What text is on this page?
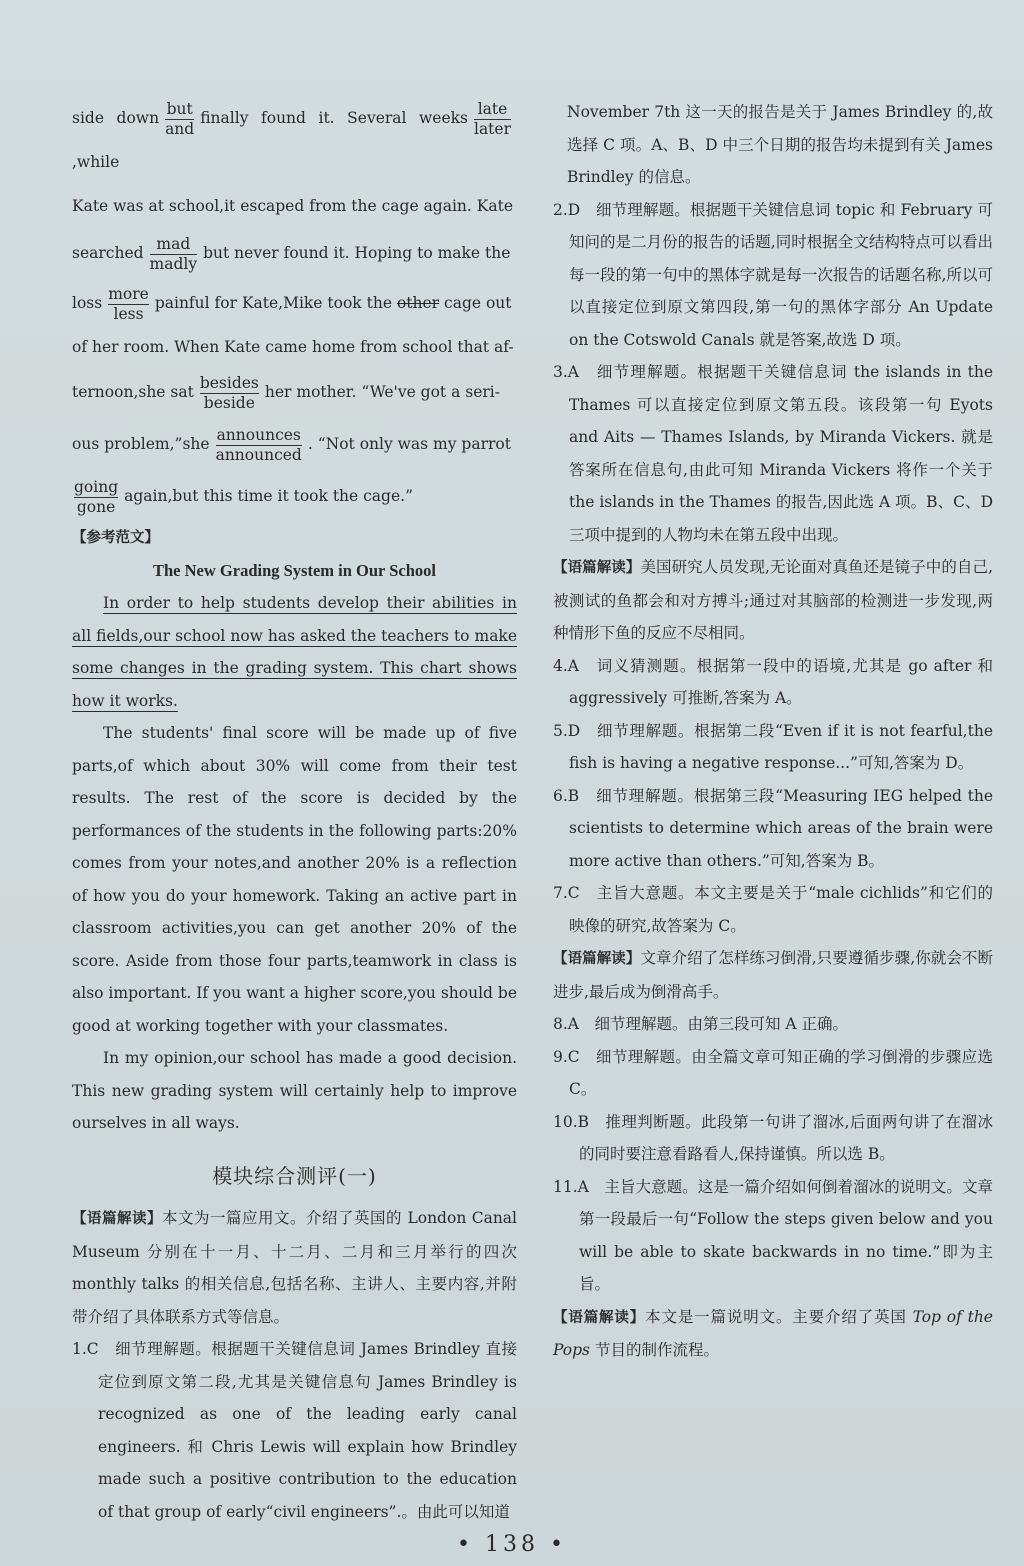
side down $\frac{\text{but}}{\text{and}}$ finally found it. Several weeks $\frac{\text{late}}{\text{later}}$
,while

Kate was at school,it escaped from the cage again. Kate

searched $\frac{\text{mad}}{\text{madly}}$ but never found it. Hoping to make the

loss $\frac{\text{more}}{\text{less}}$ painful for Kate,Mike took the other cage out

of her room. When Kate came home from school that af-

ternoon,she sat $\frac{\text{besides}}{\text{beside}}$ her mother. “We've got a seri-

ous problem,”she $\frac{\text{announces}}{\text{announced}}$ . “Not only was my parrot

$\frac{\text{going}}{\text{gone}}$ again,but this time it took the cage.”

【参考范文】

The New Grading System in Our School

In order to help students develop their abilities in all fields,our school now has asked the teachers to make some changes in the grading system. This chart shows how it works.

The students' final score will be made up of five parts,of which about 30% will come from their test results. The rest of the score is decided by the performances of the students in the following parts:20% comes from your notes,and another 20% is a reflection of how you do your homework. Taking an active part in classroom activities,you can get another 20% of the score. Aside from those four parts,teamwork in class is also important. If you want a higher score,you should be good at working together with your classmates.

In my opinion,our school has made a good decision. This new grading system will certainly help to improve ourselves in all ways.

模块综合测评(一)

【语篇解读】本文为一篇应用文。介绍了英国的 London Canal Museum 分别在十一月、十二月、二月和三月举行的四次 monthly talks 的相关信息,包括名称、主讲人、主要内容,并附带介绍了具体联系方式等信息。

1.C　细节理解题。根据题干关键信息词 James Brindley 直接定位到原文第二段,尤其是关键信息句 James Brindley is recognized as one of the leading early canal engineers. 和 Chris Lewis will explain how Brindley made such a positive contribution to the education of that group of early“civil engineers”.。由此可以知道

November 7th 这一天的报告是关于 James Brindley 的,故选择 C 项。A、B、D 中三个日期的报告均未提到有关 James Brindley 的信息。

2.D　细节理解题。根据题干关键信息词 topic 和 February 可知问的是二月份的报告的话题,同时根据全文结构特点可以看出每一段的第一句中的黑体字就是每一次报告的话题名称,所以可以直接定位到原文第四段,第一句的黑体字部分 An Update on the Cotswold Canals 就是答案,故选 D 项。

3.A　细节理解题。根据题干关键信息词 the islands in the Thames 可以直接定位到原文第五段。该段第一句 Eyots and Aits — Thames Islands, by Miranda Vickers. 就是答案所在信息句,由此可知 Miranda Vickers 将作一个关于 the islands in the Thames 的报告,因此选 A 项。B、C、D 三项中提到的人物均未在第五段中出现。

【语篇解读】美国研究人员发现,无论面对真鱼还是镜子中的自己,被测试的鱼都会和对方搏斗;通过对其脑部的检测进一步发现,两种情形下鱼的反应不尽相同。

4.A　词义猜测题。根据第一段中的语境,尤其是 go after 和 aggressively 可推断,答案为 A。

5.D　细节理解题。根据第二段“Even if it is not fearful,the fish is having a negative response...”可知,答案为 D。

6.B　细节理解题。根据第三段“Measuring IEG helped the scientists to determine which areas of the brain were more active than others.”可知,答案为 B。

7.C　主旨大意题。本文主要是关于“male cichlids”和它们的映像的研究,故答案为 C。

【语篇解读】文章介绍了怎样练习倒滑,只要遵循步骤,你就会不断进步,最后成为倒滑高手。

8.A　细节理解题。由第三段可知 A 正确。

9.C　细节理解题。由全篇文章可知正确的学习倒滑的步骤应选 C。

10.B　推理判断题。此段第一句讲了溜冰,后面两句讲了在溜冰的同时要注意看路看人,保持谨慎。所以选 B。

11.A　主旨大意题。这是一篇介绍如何倒着溜冰的说明文。文章第一段最后一句“Follow the steps given below and you will be able to skate backwards in no time.”即为主旨。

【语篇解读】本文是一篇说明文。主要介绍了英国 Top of the Pops 节目的制作流程。

• 138 •
